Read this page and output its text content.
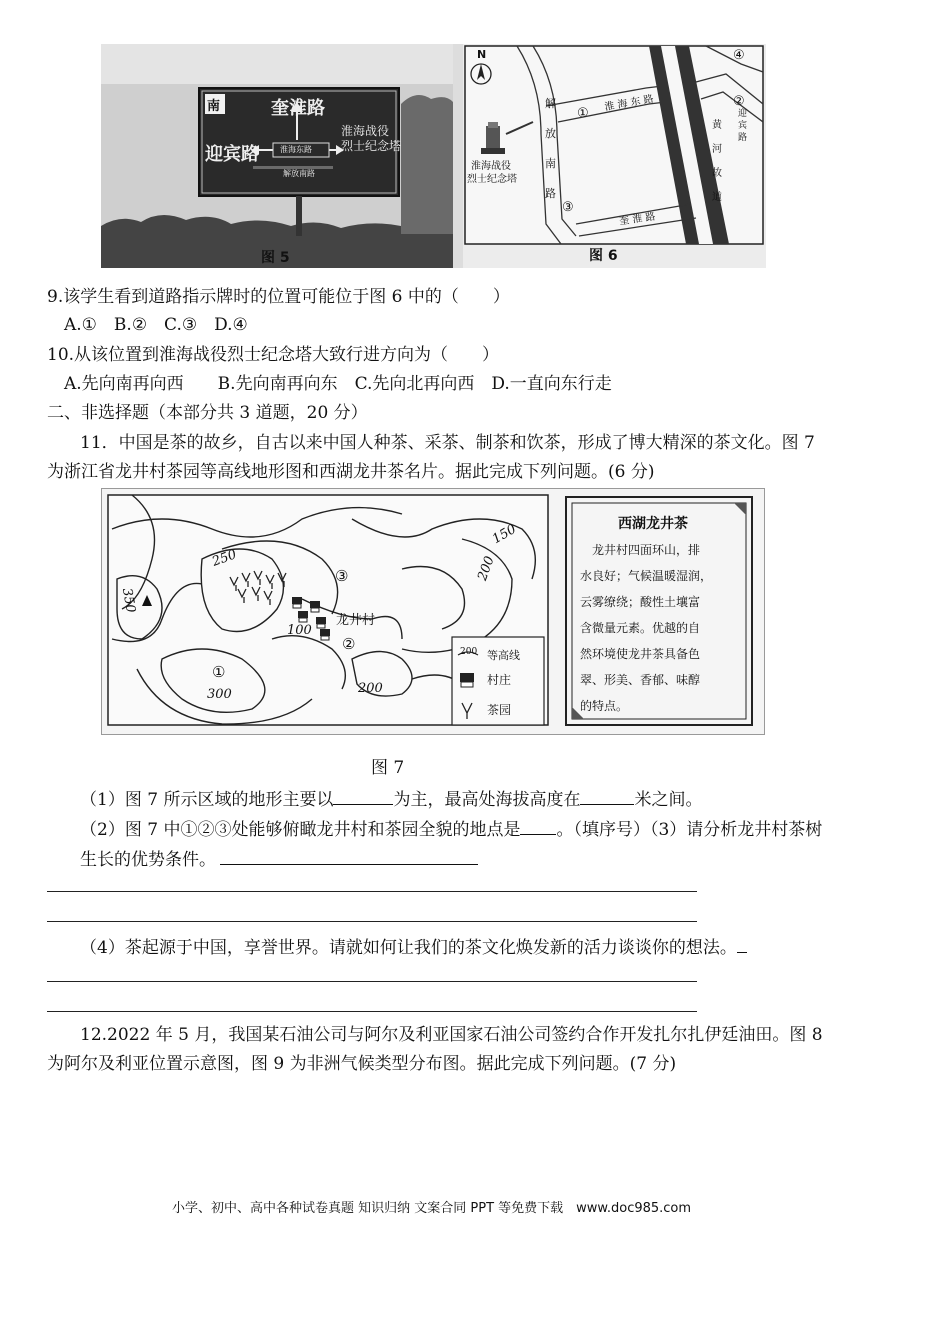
南	奎淮路
迎宾路
淮海战役
烈士纪念塔
淮海东路
解放南路
图 5
N
解
放
南
路
淮 海 东 路
黄
河
故
道
迎
宾
路
奎 淮 路
淮海战役
烈士纪念塔
①
②
③
④
图 6
9.该学生看到道路指示牌时的位置可能位于图 6 中的（　　）
A.①　B.②　C.③　D.④
10.从该位置到淮海战役烈士纪念塔大致行进方向为（　　）
A.先向南再向西　　B.先向南再向东　C.先向北再向西　D.一直向东行走
二、非选择题（本部分共 3 道题，20 分）
11．中国是茶的故乡，自古以来中国人种茶、采茶、制茶和饮茶，形成了博大精深的茶文化。图 7
为浙江省龙井村茶园等高线地形图和西湖龙井茶名片。据此完成下列问题。(6 分)
350
250
150
200
100
300	200
龙井村
①
②
③
200 等高线
村庄
茶园
西湖龙井茶
龙井村四面环山，排
水良好；气候温暖湿润，
云雾缭绕；酸性土壤富
含微量元素。优越的自
然环境使龙井茶具备色
翠、形美、香郁、味醇
的特点。
图 7
（1）图 7 所示区域的地形主要以	为主，最高处海拔高度在	米之间。
（2）图 7 中①②③处能够俯瞰龙井村和茶园全貌的地点是 。（填序号）（3）请分析龙井村茶树
生长的优势条件。
（4）茶起源于中国，享誉世界。请就如何让我们的茶文化焕发新的活力谈谈你的想法。
12.2022 年 5 月，我国某石油公司与阿尔及利亚国家石油公司签约合作开发扎尔扎伊廷油田。图 8
为阿尔及利亚位置示意图，图 9 为非洲气候类型分布图。据此完成下列问题。(7 分)
小学、初中、高中各种试卷真题 知识归纳 文案合同 PPT 等免费下载　www.doc985.com
